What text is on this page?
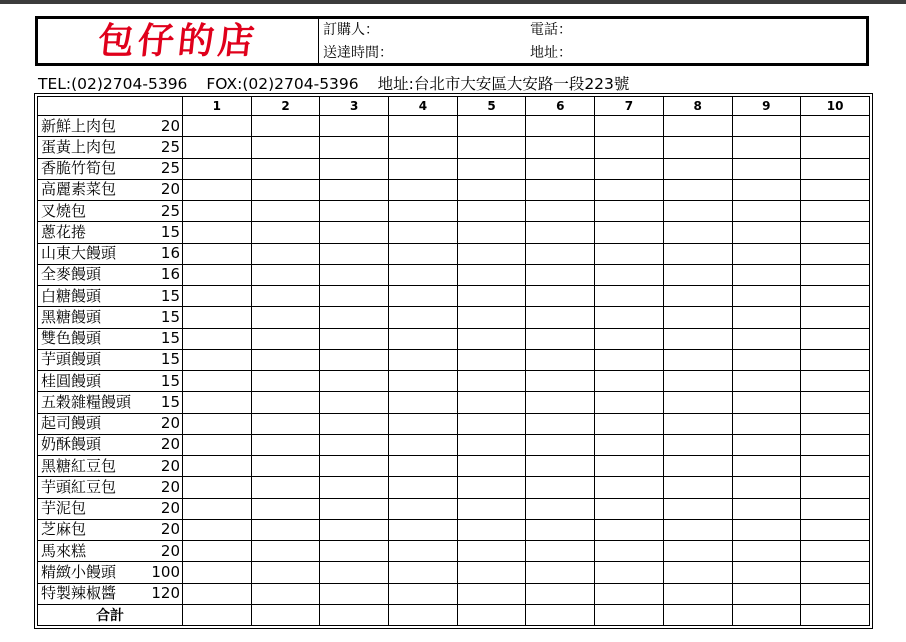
包仔的店	訂購人：	電話：
送達時間：	地址：
TEL:(02)2704-5396 FOX:(02)2704-5396 地址:台北市大安區大安路一段223號
	1	2	3	4	5	6	7	8	9	10

新鮮上肉包 20										

蛋黃上肉包 25										

香脆竹筍包 25										

高麗素菜包 20										

叉燒包 25										

蔥花捲 15										

山東大饅頭 16										

全麥饅頭 16										

白糖饅頭 15										

黑糖饅頭 15										

雙色饅頭 15										

芋頭饅頭 15										

桂圓饅頭 15										

五穀雜糧饅頭 15										

起司饅頭 20										

奶酥饅頭 20										

黑糖紅豆包 20										

芋頭紅豆包 20										

芋泥包 20										

芝麻包 20										

馬來糕 20										

精緻小饅頭 100										

特製辣椒醬 120										

合計										
